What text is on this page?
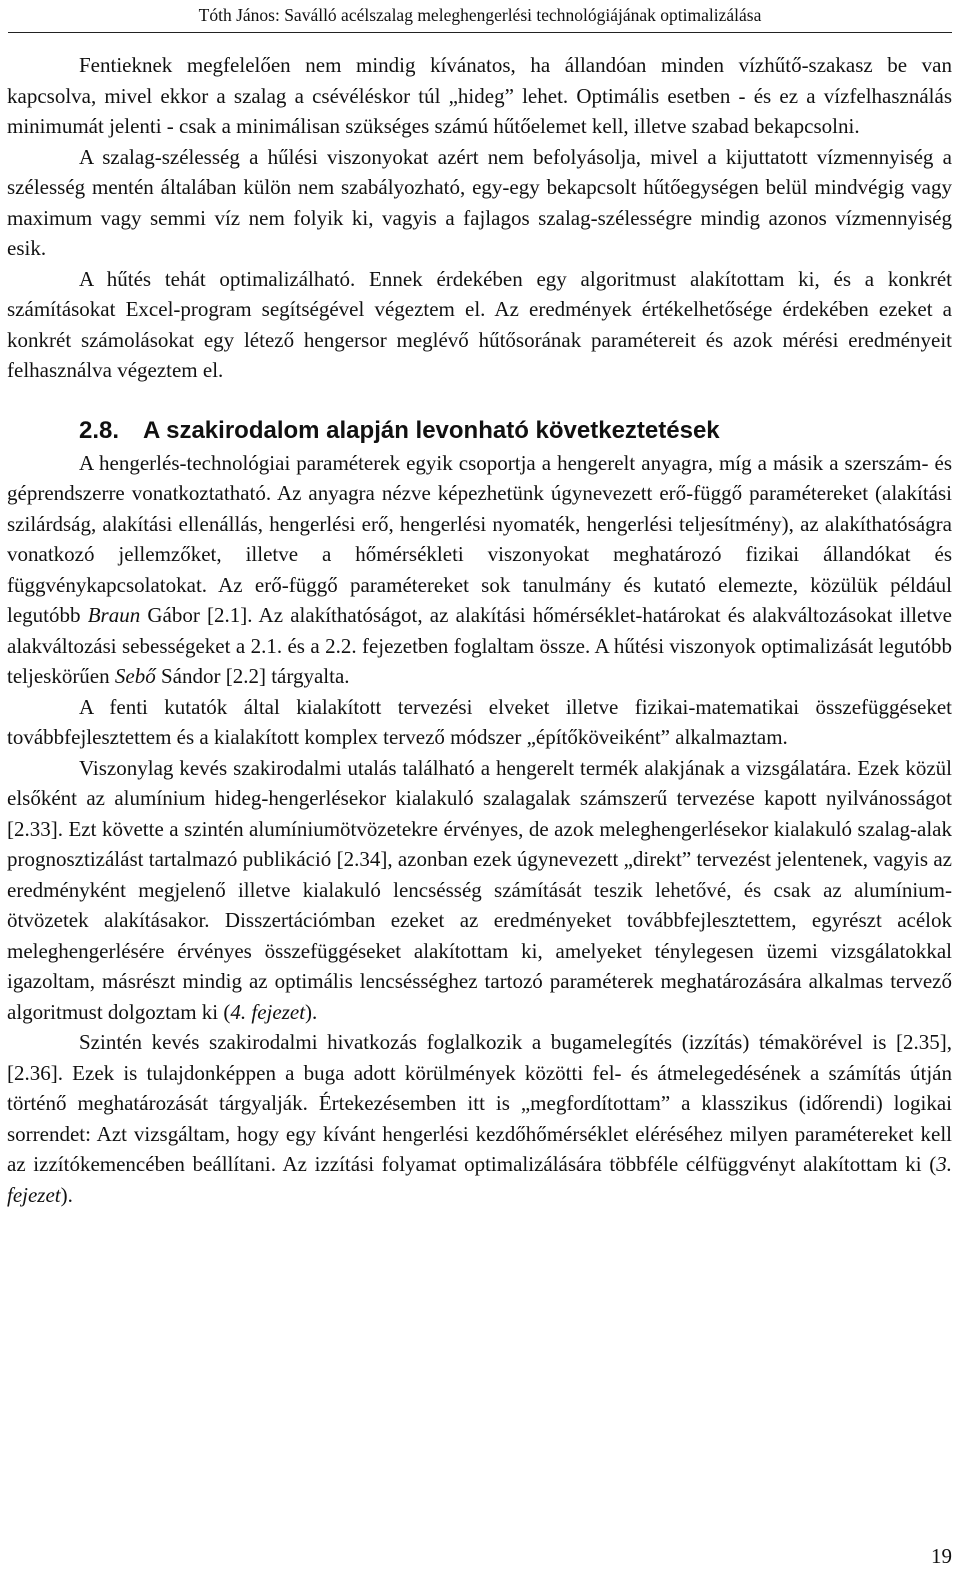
Tóth János: Saválló acélszalag meleghengerlési technológiájának optimalizálása

Fentieknek megfelelően nem mindig kívánatos, ha állandóan minden vízhűtő-szakasz be van kapcsolva, mivel ekkor a szalag a csévéléskor túl „hideg” lehet. Optimális esetben - és ez a vízfelhasználás minimumát jelenti - csak a minimálisan szükséges számú hűtőelemet kell, illetve szabad bekapcsolni.

A szalag-szélesség a hűlési viszonyokat azért nem befolyásolja, mivel a kijuttatott vízmennyiség a szélesség mentén általában külön nem szabályozható, egy-egy bekapcsolt hűtőegységen belül mindvégig vagy maximum vagy semmi víz nem folyik ki, vagyis a fajlagos szalag-szélességre mindig azonos vízmennyiség esik.

A hűtés tehát optimalizálható. Ennek érdekében egy algoritmust alakítottam ki, és a konkrét számításokat Excel-program segítségével végeztem el. Az eredmények értékelhetősége érdekében ezeket a konkrét számolásokat egy létező hengersor meglévő hűtősorának paramétereit és azok mérési eredményeit felhasználva végeztem el.

2.8. A szakirodalom alapján levonható következtetések

A hengerlés-technológiai paraméterek egyik csoportja a hengerelt anyagra, míg a másik a szerszám- és géprendszerre vonatkoztatható. Az anyagra nézve képezhetünk úgynevezett erő-függő paramétereket (alakítási szilárdság, alakítási ellenállás, hengerlési erő, hengerlési nyomaték, hengerlési teljesítmény), az alakíthatóságra vonatkozó jellemzőket, illetve a hőmérsékleti viszonyokat meghatározó fizikai állandókat és függvénykapcsolatokat. Az erő-függő paramétereket sok tanulmány és kutató elemezte, közülük például legutóbb Braun Gábor [2.1]. Az alakíthatóságot, az alakítási hőmérséklet-határokat és alakváltozásokat illetve alakváltozási sebességeket a 2.1. és a 2.2. fejezetben foglaltam össze. A hűtési viszonyok optimalizását legutóbb teljeskörűen Sebő Sándor [2.2] tárgyalta.

A fenti kutatók által kialakított tervezési elveket illetve fizikai-matematikai összefüggéseket továbbfejlesztettem és a kialakított komplex tervező módszer „építőköveiként” alkalmaztam.

Viszonylag kevés szakirodalmi utalás található a hengerelt termék alakjának a vizsgálatára. Ezek közül elsőként az alumínium hideg-hengerlésekor kialakuló szalagalak számszerű tervezése kapott nyilvánosságot [2.33]. Ezt követte a szintén alumíniumötvözetekre érvényes, de azok meleghengerlésekor kialakuló szalag-alak prognosztizálást tartalmazó publikáció [2.34], azonban ezek úgynevezett „direkt” tervezést jelentenek, vagyis az eredményként megjelenő illetve kialakuló lencsésség számítását teszik lehetővé, és csak az alumínium-ötvözetek alakításakor. Disszertációmban ezeket az eredményeket továbbfejlesztettem, egyrészt acélok meleghengerlésére érvényes összefüggéseket alakítottam ki, amelyeket ténylegesen üzemi vizsgálatokkal igazoltam, másrészt mindig az optimális lencsésséghez tartozó paraméterek meghatározására alkalmas tervező algoritmust dolgoztam ki (4. fejezet).

Szintén kevés szakirodalmi hivatkozás foglalkozik a bugamelegítés (izzítás) témakörével is [2.35],[2.36]. Ezek is tulajdonképpen a buga adott körülmények közötti fel- és átmelegedésének a számítás útján történő meghatározását tárgyalják. Értekezésemben itt is „megfordítottam” a klasszikus (időrendi) logikai sorrendet: Azt vizsgáltam, hogy egy kívánt hengerlési kezdőhőmérséklet eléréséhez milyen paramétereket kell az izzítókemencében beállítani. Az izzítási folyamat optimalizálására többféle célfüggvényt alakítottam ki (3. fejezet).

19
